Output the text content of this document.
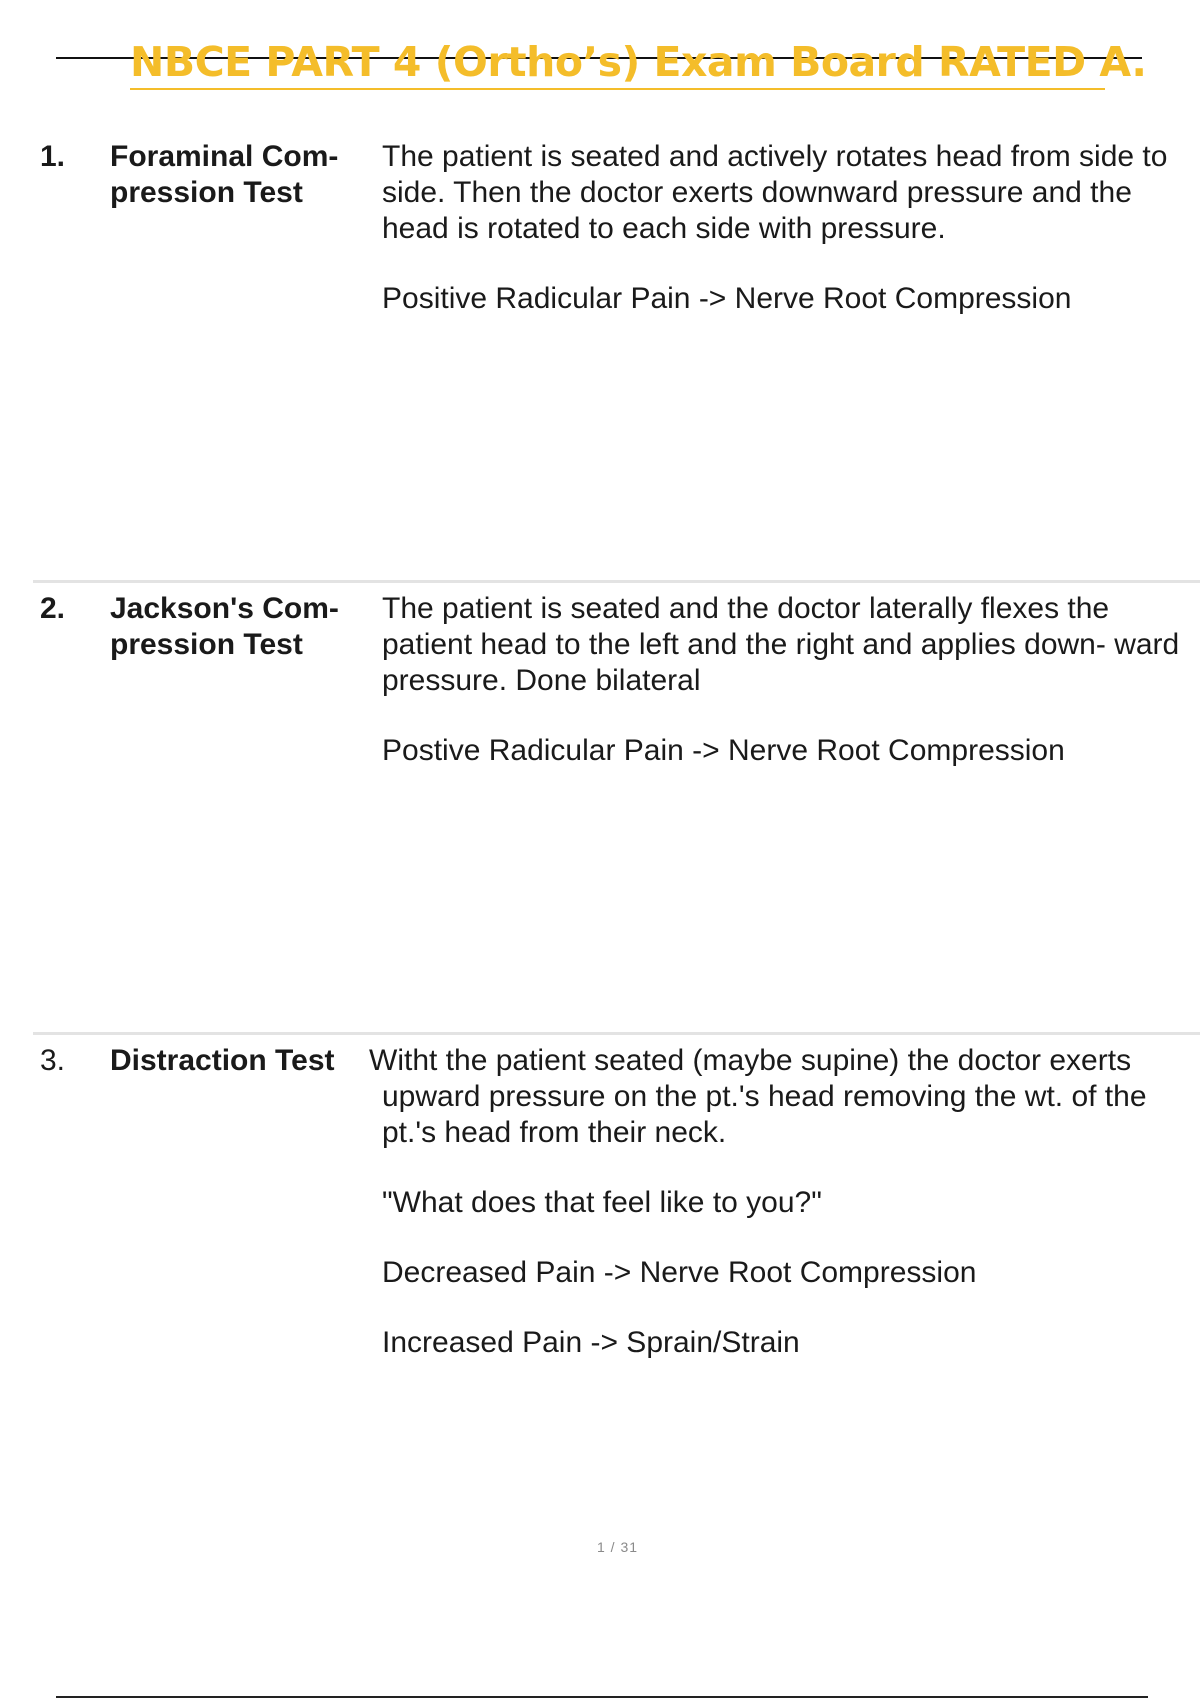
NBCE PART 4 (Ortho’s) Exam Board RATED A.
1. Foraminal Com- pression Test

The patient is seated and actively rotates head from side to side. Then the doctor exerts downward pressure and the head is rotated to each side with pressure.

Positive Radicular Pain -> Nerve Root Compression

2. Jackson's Com- pression Test

The patient is seated and the doctor laterally flexes the patient head to the left and the right and applies down- ward pressure. Done bilateral

Postive Radicular Pain -> Nerve Root Compression

3. Distraction Test	Witht the patient seated (maybe supine) the doctor exerts upward pressure on the pt.'s head removing the wt. of the pt.'s head from their neck.

"What does that feel like to you?"

Decreased Pain -> Nerve Root Compression

Increased Pain -> Sprain/Strain

1 / 31
